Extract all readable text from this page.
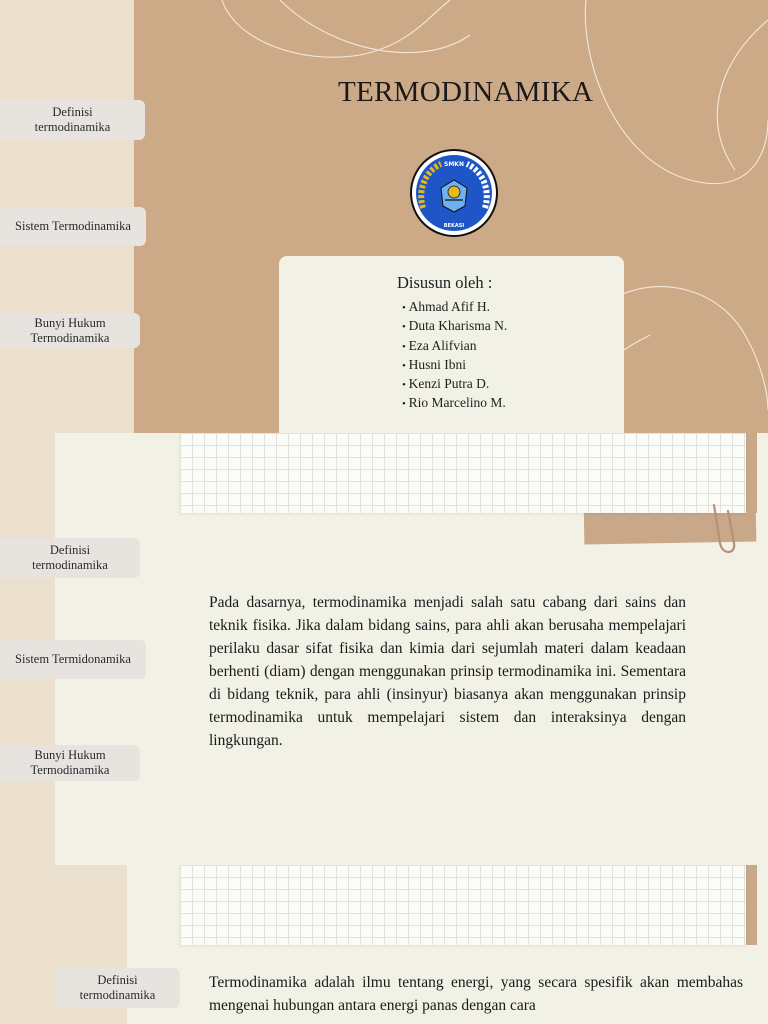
Definisi termodinamika
Sistem Termodinamika
Bunyi Hukum Termodinamika
TERMODINAMIKA
SMKN
BEKASI
Disusun oleh :
• Ahmad Afif H.
• Duta Kharisma N.
• Eza Alifvian
• Husni Ibni
• Kenzi Putra D.
• Rio Marcelino M.
Definisi termodinamika
Sistem Termidonamika
Bunyi Hukum Termodinamika

Pada dasarnya, termodinamika menjadi salah satu cabang dari sains dan teknik fisika. Jika dalam bidang sains, para ahli akan berusaha mempelajari perilaku dasar sifat fisika dan kimia dari sejumlah materi dalam keadaan berhenti (diam) dengan menggunakan prinsip termodinamika ini. Sementara di bidang teknik, para ahli (insinyur) biasanya akan menggunakan prinsip termodinamika untuk mempelajari sistem dan interaksinya dengan lingkungan.

Definisi termodinamika

Termodinamika adalah ilmu tentang energi, yang secara spesifik akan membahas mengenai hubungan antara energi panas dengan cara
